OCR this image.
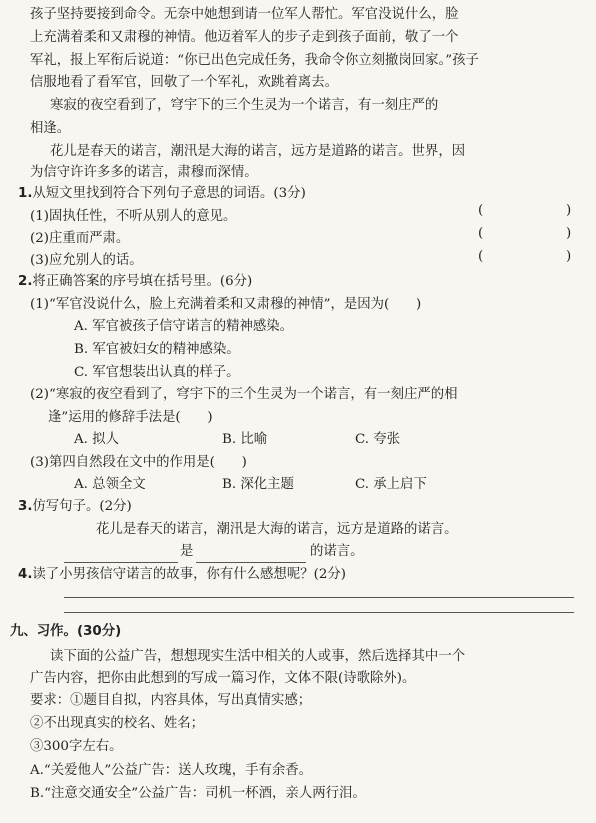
孩子坚持要接到命令。无奈中她想到请一位军人帮忙。军官没说什么，脸
上充满着柔和又肃穆的神情。他迈着军人的步子走到孩子面前，敬了一个
军礼，报上军衔后说道：“你已出色完成任务，我命令你立刻撤岗回家。”孩子
信服地看了看军官，回敬了一个军礼，欢跳着离去。
寒寂的夜空看到了，穹宇下的三个生灵为一个诺言，有一刻庄严的
相逢。
花儿是春天的诺言，潮汛是大海的诺言，远方是道路的诺言。世界，因
为信守许许多多的诺言，肃穆而深情。
1.从短文里找到符合下列句子意思的词语。(3分)
(1)固执任性，不听从别人的意见。	(	)
(2)庄重而严肃。	(	)
(3)应允别人的话。	(	)
2.将正确答案的序号填在括号里。(6分)
(1)“军官没说什么，脸上充满着柔和又肃穆的神情”，是因为(　　)
A. 军官被孩子信守诺言的精神感染。
B. 军官被妇女的精神感染。
C. 军官想装出认真的样子。
(2)“寒寂的夜空看到了，穹宇下的三个生灵为一个诺言，有一刻庄严的相
逢”运用的修辞手法是(　　)
A. 拟人	B. 比喻	C. 夸张
(3)第四自然段在文中的作用是(　　)
A. 总领全文	B. 深化主题	C. 承上启下
3.仿写句子。(2分)
花儿是春天的诺言，潮汛是大海的诺言，远方是道路的诺言。
是	的诺言。
4.读了小男孩信守诺言的故事，你有什么感想呢？(2分)
九、习作。(30分)
读下面的公益广告，想想现实生活中相关的人或事，然后选择其中一个
广告内容，把你由此想到的写成一篇习作，文体不限(诗歌除外)。
要求：①题目自拟，内容具体，写出真情实感；
②不出现真实的校名、姓名；
③300字左右。
A.“关爱他人”公益广告：送人玫瑰，手有余香。
B.“注意交通安全”公益广告：司机一杯酒，亲人两行泪。
